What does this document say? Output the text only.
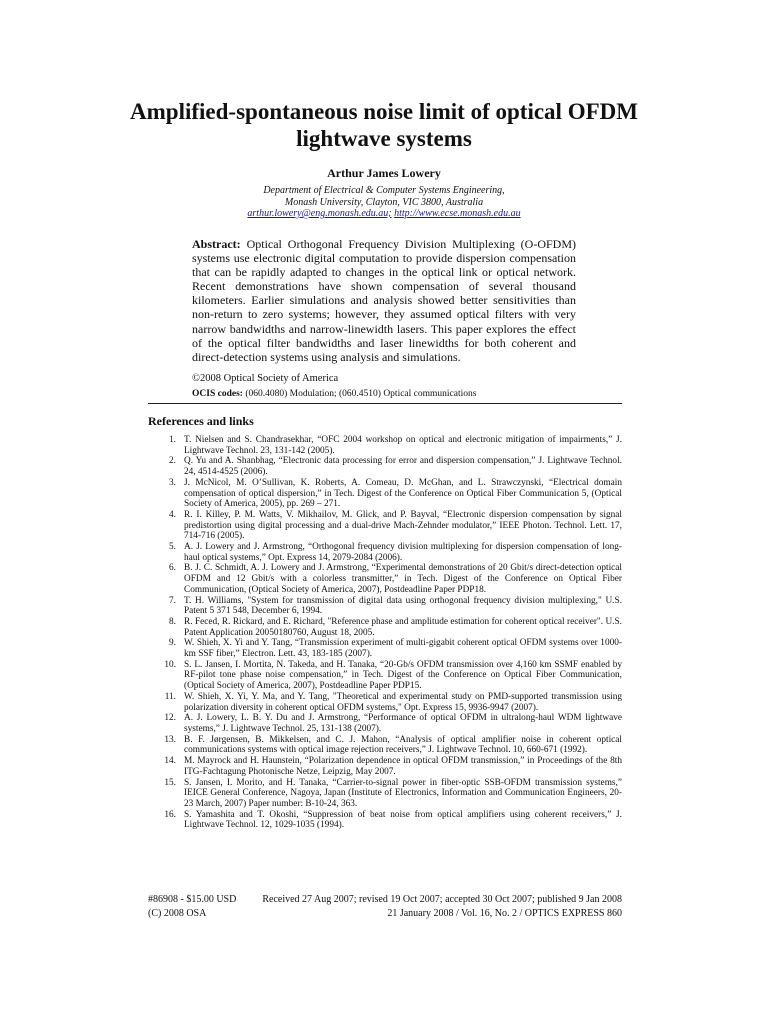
Amplified-spontaneous noise limit of optical OFDM lightwave systems
Arthur James Lowery
Department of Electrical & Computer Systems Engineering,
Monash University, Clayton, VIC 3800, Australia
arthur.lowery@eng.monash.edu.au; http://www.ecse.monash.edu.au
Abstract: Optical Orthogonal Frequency Division Multiplexing (O-OFDM) systems use electronic digital computation to provide dispersion compensation that can be rapidly adapted to changes in the optical link or optical network. Recent demonstrations have shown compensation of several thousand kilometers. Earlier simulations and analysis showed better sensitivities than non-return to zero systems; however, they assumed optical filters with very narrow bandwidths and narrow-linewidth lasers. This paper explores the effect of the optical filter bandwidths and laser linewidths for both coherent and direct-detection systems using analysis and simulations.
©2008 Optical Society of America
OCIS codes: (060.4080) Modulation; (060.4510) Optical communications
References and links
1. T. Nielsen and S. Chandrasekhar, “OFC 2004 workshop on optical and electronic mitigation of impairments,” J. Lightwave Technol. 23, 131-142 (2005).
2. Q. Yu and A. Shanbhag, “Electronic data processing for error and dispersion compensation,” J. Lightwave Technol. 24, 4514-4525 (2006).
3. J. McNicol, M. O’Sullivan, K. Roberts, A. Comeau, D. McGhan, and L. Strawczynski, “Electrical domain compensation of optical dispersion,” in Tech. Digest of the Conference on Optical Fiber Communication 5, (Optical Society of America, 2005), pp. 269 – 271.
4. R. I. Killey, P. M. Watts, V. Mikhailov, M. Glick, and P. Bayval, “Electronic dispersion compensation by signal predistortion using digital processing and a dual-drive Mach-Zehnder modulator,” IEEE Photon. Technol. Lett. 17, 714-716 (2005).
5. A. J. Lowery and J. Armstrong, “Orthogonal frequency division multiplexing for dispersion compensation of long-haul optical systems,” Opt. Express 14, 2079-2084 (2006).
6. B. J. C. Schmidt, A. J. Lowery and J. Armstrong, “Experimental demonstrations of 20 Gbit/s direct-detection optical OFDM and 12 Gbit/s with a colorless transmitter,” in Tech. Digest of the Conference on Optical Fiber Communication, (Optical Society of America, 2007), Postdeadline Paper PDP18.
7. T. H. Williams, "System for transmission of digital data using orthogonal frequency division multiplexing," U.S. Patent 5 371 548, December 6, 1994.
8. R. Feced, R. Rickard, and E. Richard, "Reference phase and amplitude estimation for coherent optical receiver". U.S. Patent Application 20050180760, August 18, 2005.
9. W. Shieh, X. Yi and Y. Tang, “Transmission experiment of multi-gigabit coherent optical OFDM systems over 1000-km SSF fiber,” Electron. Lett. 43, 183-185 (2007).
10. S. L. Jansen, I. Mortita, N. Takeda, and H. Tanaka, “20-Gb/s OFDM transmission over 4,160 km SSMF enabled by RF-pilot tone phase noise compensation,” in Tech. Digest of the Conference on Optical Fiber Communication, (Optical Society of America, 2007), Postdeadline Paper PDP15.
11. W. Shieh, X. Yi, Y. Ma, and Y. Tang, "Theoretical and experimental study on PMD-supported transmission using polarization diversity in coherent optical OFDM systems," Opt. Express 15, 9936-9947 (2007).
12. A. J. Lowery, L. B. Y. Du and J. Armstrong, “Performance of optical OFDM in ultralong-haul WDM lightwave systems,” J. Lightwave Technol. 25, 131-138 (2007).
13. B. F. Jørgensen, B. Mikkelsen, and C. J. Mahon, “Analysis of optical amplifier noise in coherent optical communications systems with optical image rejection receivers,” J. Lightwave Technol. 10, 660-671 (1992).
14. M. Mayrock and H. Haunstein, “Polarization dependence in optical OFDM transmission,” in Proceedings of the 8th ITG-Fachtagung Photonische Netze, Leipzig, May 2007.
15. S. Jansen, I. Morito, and H. Tanaka, “Carrier-to-signal power in fiber-optic SSB-OFDM transmission systems,” IEICE General Conference, Nagoya, Japan (Institute of Electronics, Information and Communication Engineers, 20-23 March, 2007) Paper number: B-10-24, 363.
16. S. Yamashita and T. Okoshi, “Suppression of beat noise from optical amplifiers using coherent receivers,” J. Lightwave Technol. 12, 1029-1035 (1994).
#86908 - $15.00 USD	Received 27 Aug 2007; revised 19 Oct 2007; accepted 30 Oct 2007; published 9 Jan 2008
(C) 2008 OSA	21 January 2008 / Vol. 16, No. 2 / OPTICS EXPRESS 860
